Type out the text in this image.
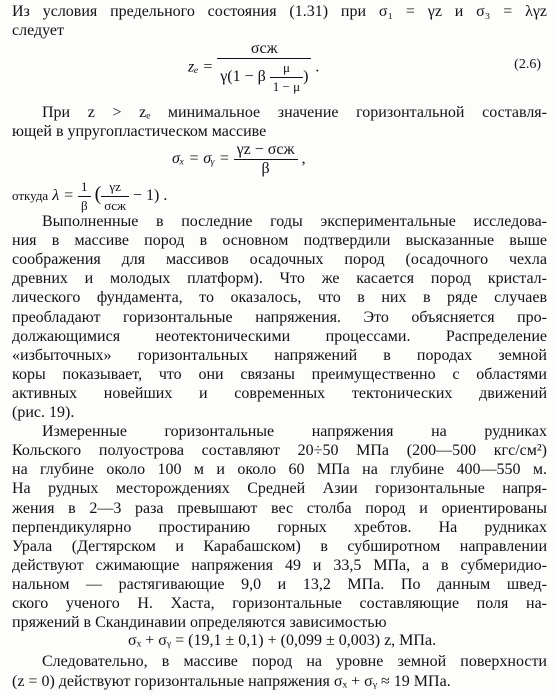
Из условия предельного состояния (1.31) при σ₁ = γz и σ₃ = λγz
следует
$z_e = \frac{\text{σсж}}{\gamma(1 - \beta \frac{\mu}{1 - \mu} )}$ .	(2.6)
При z > zₑ минимальное значение горизонтальной составля-
ющей в упругопластическом массиве
σₓ = σᵧ = $\frac{\text{γz − σсж}}{\beta}$ ,
откуда $\lambda = \frac{1}{\beta}$ ( $\frac{\gamma z}{\text{σсж}} - 1$) .
Выполненные в последние годы экспериментальные исследова-
ния в массиве пород в основном подтвердили высказанные выше
соображения для массивов осадочных пород (осадочного чехла
древних и молодых платформ). Что же касается пород кристал-
лического фундамента, то оказалось, что в них в ряде случаев
преобладают горизонтальные напряжения. Это объясняется про-
должающимися неотектоническими процессами. Распределение
«избыточных» горизонтальных напряжений в породах земной
коры показывает, что они связаны преимущественно с областями
активных новейших и современных тектонических движений
(рис. 19).
Измеренные горизонтальные напряжения на рудниках
Кольского полуострова составляют 20÷50 МПа (200—500 кгс/см²)
на глубине около 100 м и около 60 МПа на глубине 400—550 м.
На рудных месторождениях Средней Азии горизонтальные напря-
жения в 2—3 раза превышают вес столба пород и ориентированы
перпендикулярно простиранию горных хребтов. На рудниках
Урала (Дегтярском и Карабашском) в субширотном направлении
действуют сжимающие напряжения 49 и 33,5 МПа, а в субмеридио-
нальном — растягивающие 9,0 и 13,2 МПа. По данным швед-
ского ученого Н. Хаста, горизонтальные составляющие поля на-
пряжений в Скандинавии определяются зависимостью
σₓ + σᵧ = (19,1 ± 0,1) + (0,099 ± 0,003) z, МПа.
Следовательно, в массиве пород на уровне земной поверхности
(z = 0) действуют горизонтальные напряжения σₓ + σᵧ ≈ 19 МПа.
